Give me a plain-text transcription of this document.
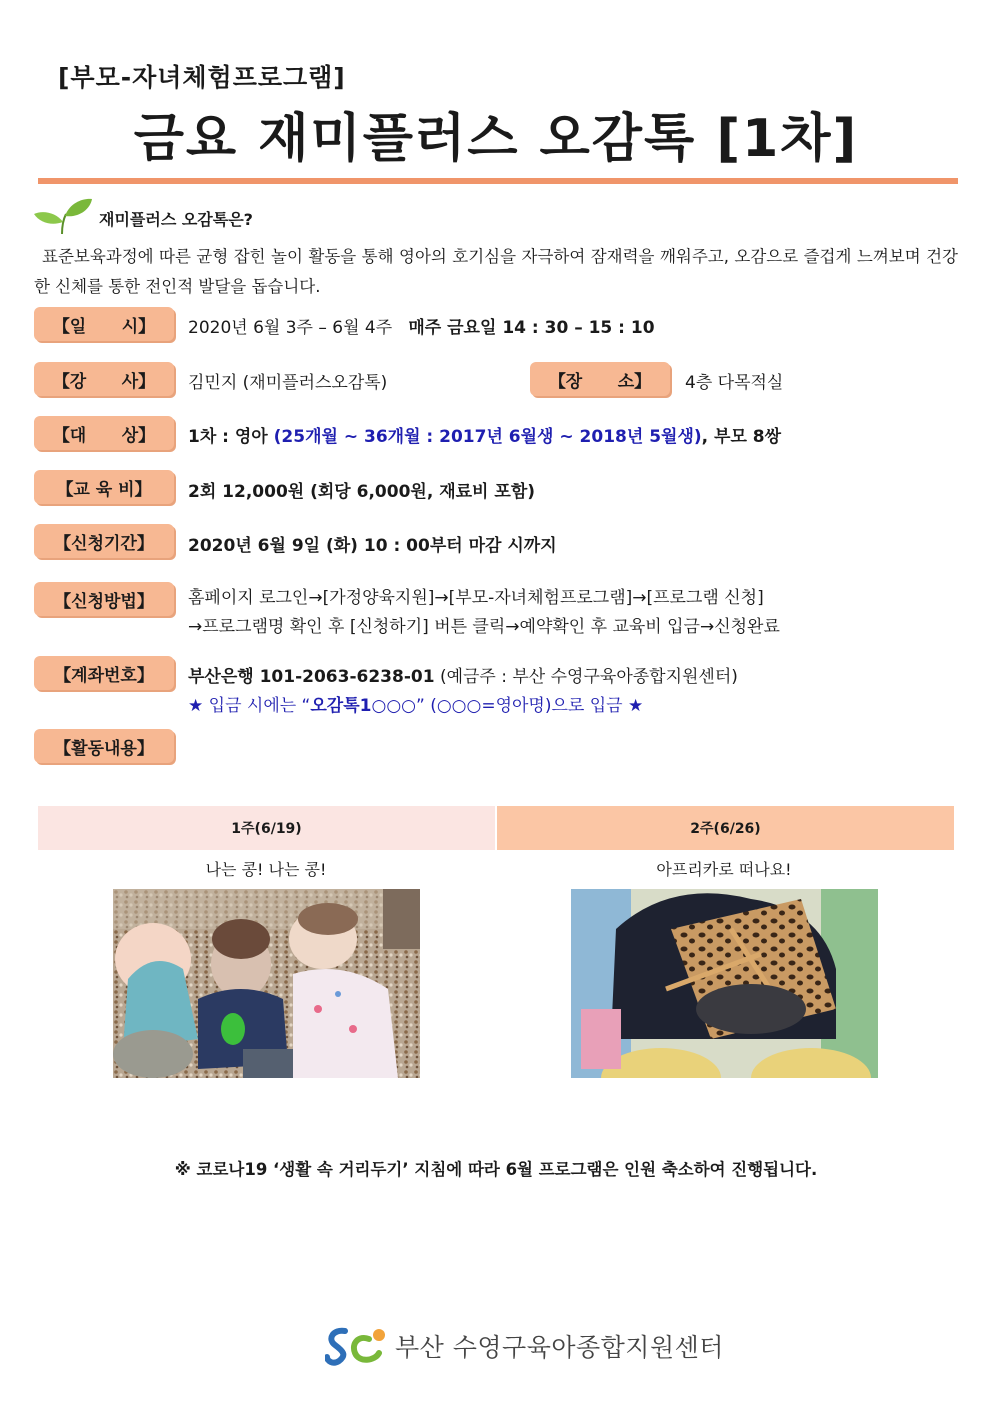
[부모-자녀체험프로그램]
금요 재미플러스 오감톡 [1차]
재미플러스 오감톡은?
표준보육과정에 따른 균형 잡힌 놀이 활동을 통해 영아의 호기심을 자극하여 잠재력을 깨워주고, 오감으로 즐겁게 느껴보며 건강한 신체를 통한 전인적 발달을 돕습니다.
【일      시】	2020년 6월 3주 – 6월 4주 매주 금요일 14 : 30 – 15 : 10
【강      사】	김민지 (재미플러스오감톡)	【장      소】	4층 다목적실
【대      상】	1차 : 영아 (25개월 ~ 36개월 : 2017년 6월생 ~ 2018년 5월생), 부모 8쌍
【교 육 비】	2회 12,000원 (회당 6,000원, 재료비 포함)
【신청기간】	2020년 6월 9일 (화) 10 : 00부터 마감 시까지
【신청방법】	홈페이지 로그인→[가정양육지원]→[부모-자녀체험프로그램]→[프로그램 신청]
→프로그램명 확인 후 [신청하기] 버튼 클릭→예약확인 후 교육비 입금→신청완료
【계좌번호】	부산은행 101-2063-6238-01 (예금주 : 부산 수영구육아종합지원센터)
★ 입금 시에는 “오감톡1○○○” (○○○=영아명)으로 입금 ★
【활동내용】
1주(6/19)	2주(6/26)
나는 콩! 나는 콩!	아프리카로 떠나요!
※ 코로나19 ‘생활 속 거리두기’ 지침에 따라 6월 프로그램은 인원 축소하여 진행됩니다.
부산 수영구육아종합지원센터
